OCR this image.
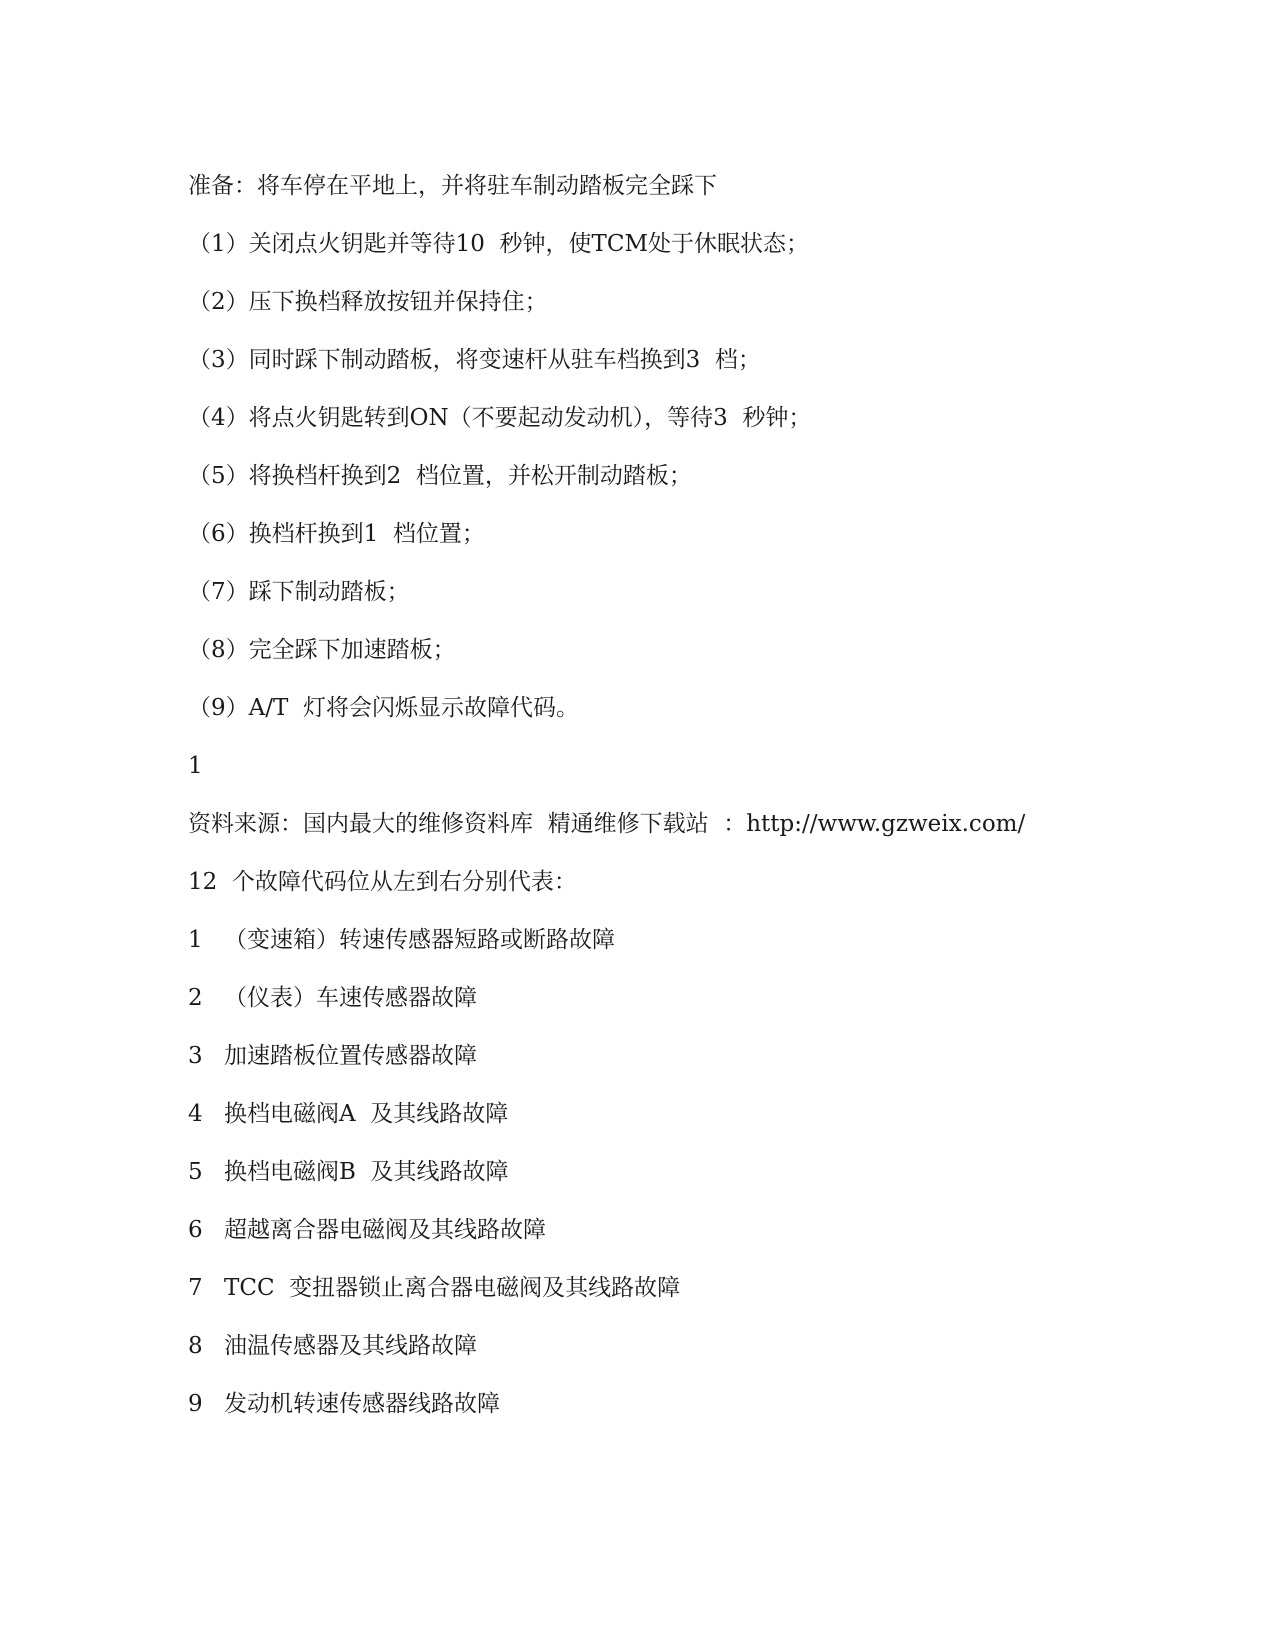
准备：将车停在平地上，并将驻车制动踏板完全踩下

（1）关闭点火钥匙并等待10  秒钟，使TCM处于休眠状态；

（2）压下换档释放按钮并保持住；

（3）同时踩下制动踏板，将变速杆从驻车档换到3  档；

（4）将点火钥匙转到ON（不要起动发动机），等待3  秒钟；

（5）将换档杆换到2  档位置，并松开制动踏板；

（6）换档杆换到1  档位置；

（7）踩下制动踏板；

（8）完全踩下加速踏板；

（9）A/T  灯将会闪烁显示故障代码。

1

资料来源：国内最大的维修资料库  精通维修下载站  ：http://www.gzweix.com/

12  个故障代码位从左到右分别代表：

1 （变速箱）转速传感器短路或断路故障

2 （仪表）车速传感器故障

3 加速踏板位置传感器故障

4 换档电磁阀A  及其线路故障

5 换档电磁阀B  及其线路故障

6 超越离合器电磁阀及其线路故障

7 TCC  变扭器锁止离合器电磁阀及其线路故障

8 油温传感器及其线路故障

9 发动机转速传感器线路故障
